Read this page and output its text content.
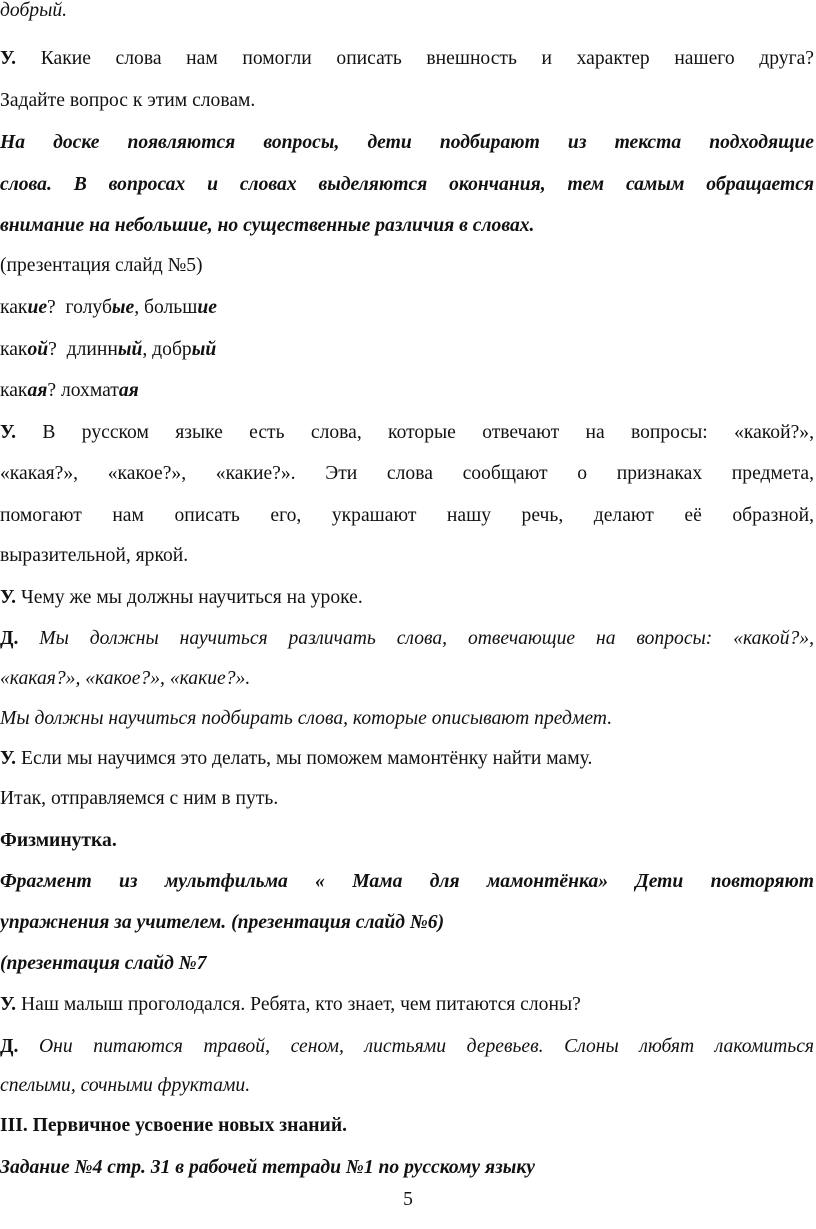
добрый.
У. Какие слова нам помогли описать внешность и характер нашего друга?
Задайте вопрос к этим словам.
На доске появляются вопросы, дети подбирают из текста подходящие
слова. В вопросах и словах выделяются окончания, тем самым обращается
внимание на небольшие, но существенные различия в словах.
(презентация слайд №5)
какие?  голубые, большие
какой?  длинный, добрый
какая? лохматая
У. В русском языке есть слова, которые отвечают на вопросы: «какой?»,
«какая?», «какое?», «какие?». Эти слова сообщают о признаках предмета,
помогают нам описать его, украшают нашу речь, делают её образной,
выразительной, яркой.
У. Чему же мы должны научиться на уроке.
Д. Мы должны научиться различать слова, отвечающие на вопросы: «какой?»,
«какая?», «какое?», «какие?».
Мы должны научиться подбирать слова, которые описывают предмет.
У. Если мы научимся это делать, мы поможем мамонтёнку найти маму.
Итак, отправляемся с ним в путь.
Физминутка.
Фрагмент из мультфильма « Мама для мамонтёнка» Дети повторяют
упражнения за учителем. (презентация слайд №6)
(презентация слайд №7
У. Наш малыш проголодался. Ребята, кто знает, чем питаются слоны?
Д. Они питаются травой, сеном, листьями деревьев. Слоны любят лакомиться
спелыми, сочными фруктами.
III. Первичное усвоение новых знаний.
Задание №4 стр. 31 в рабочей тетради №1 по русскому языку
5
